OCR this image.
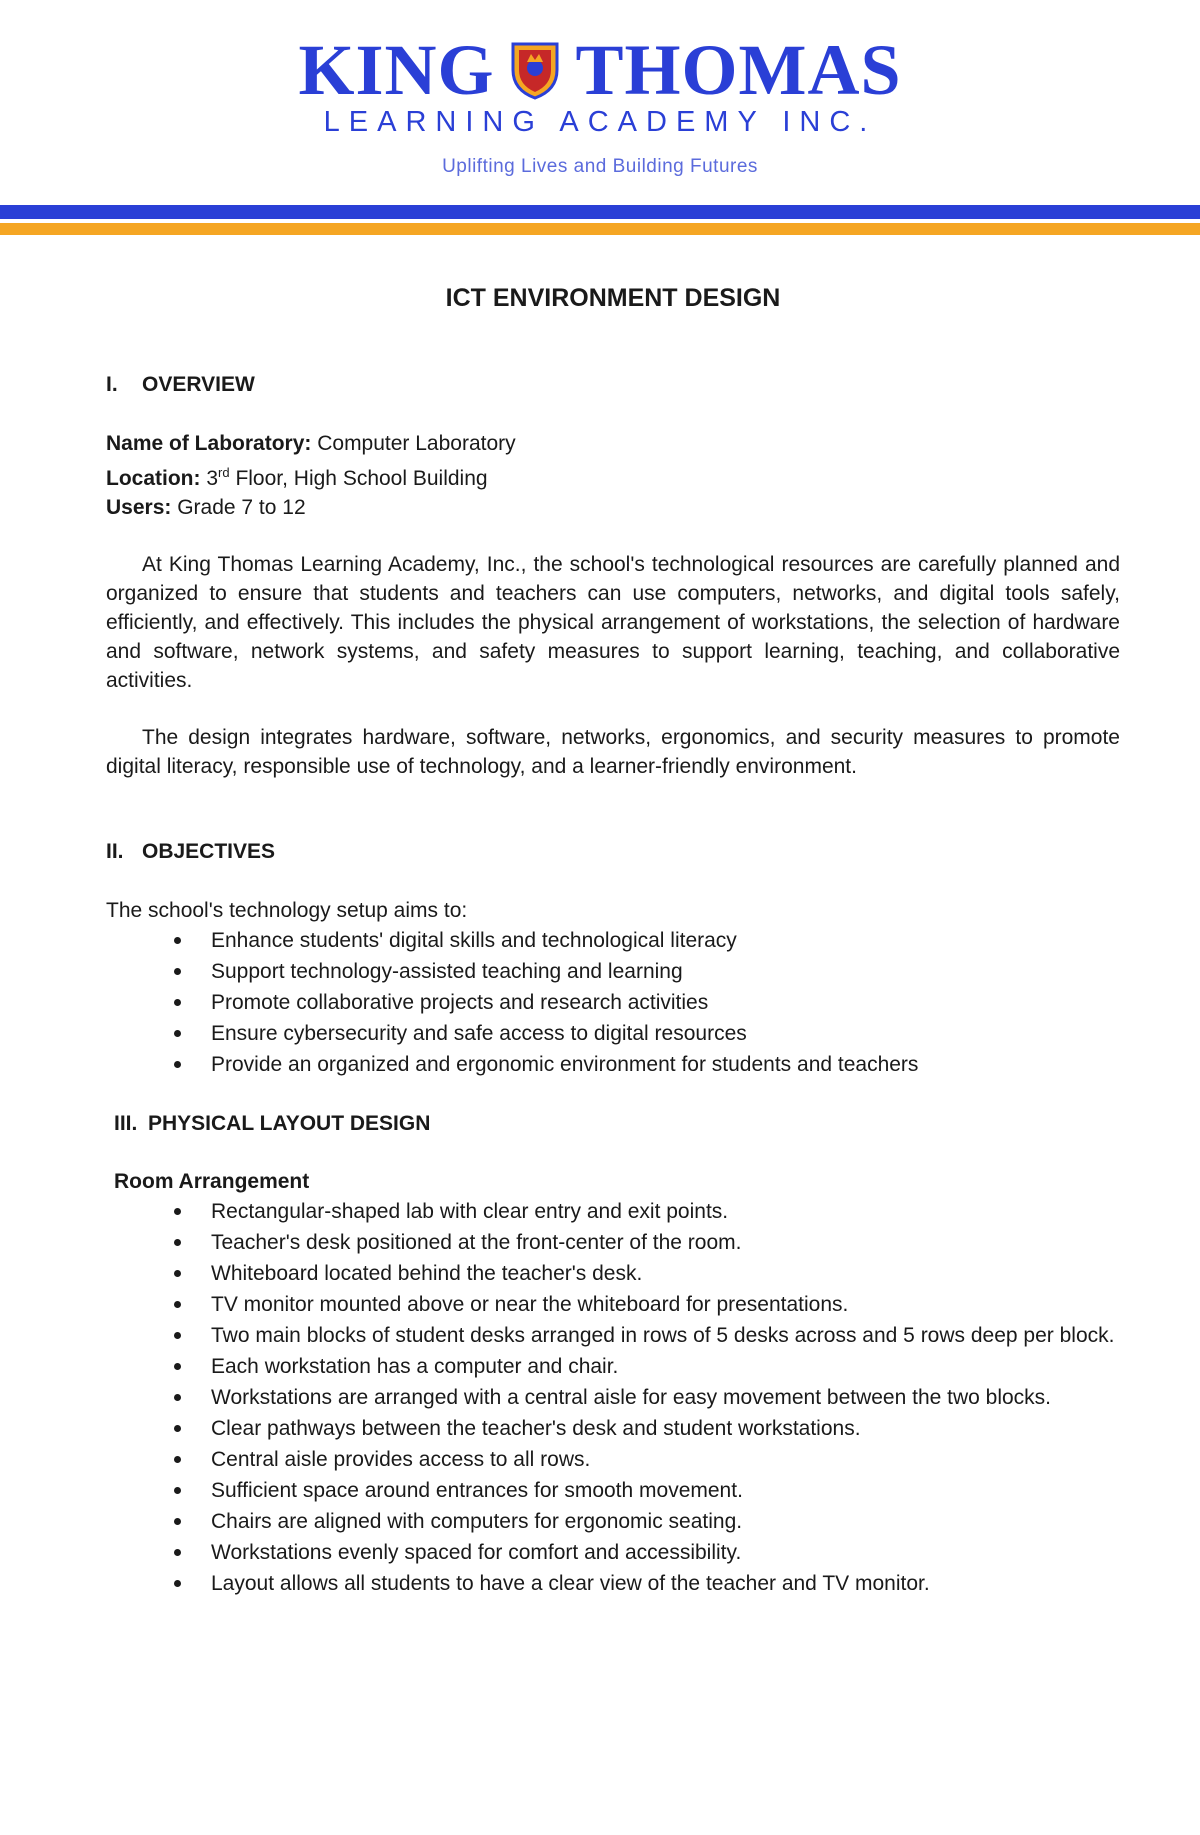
KING THOMAS
LEARNING ACADEMY INC.
Uplifting Lives and Building Futures
ICT ENVIRONMENT DESIGN
I. OVERVIEW

Name of Laboratory: Computer Laboratory

Location: 3rd Floor, High School Building

Users: Grade 7 to 12

At King Thomas Learning Academy, Inc., the school's technological resources are carefully planned and organized to ensure that students and teachers can use computers, networks, and digital tools safely, efficiently, and effectively. This includes the physical arrangement of workstations, the selection of hardware and software, network systems, and safety measures to support learning, teaching, and collaborative activities.

The design integrates hardware, software, networks, ergonomics, and security measures to promote digital literacy, responsible use of technology, and a learner-friendly environment.

II. OBJECTIVES

The school's technology setup aims to:

Enhance students' digital skills and technological literacy
Support technology-assisted teaching and learning
Promote collaborative projects and research activities
Ensure cybersecurity and safe access to digital resources
Provide an organized and ergonomic environment for students and teachers
III. PHYSICAL LAYOUT DESIGN

Room Arrangement

Rectangular-shaped lab with clear entry and exit points.
Teacher's desk positioned at the front-center of the room.
Whiteboard located behind the teacher's desk.
TV monitor mounted above or near the whiteboard for presentations.
Two main blocks of student desks arranged in rows of 5 desks across and 5 rows deep per block.
Each workstation has a computer and chair.
Workstations are arranged with a central aisle for easy movement between the two blocks.
Clear pathways between the teacher's desk and student workstations.
Central aisle provides access to all rows.
Sufficient space around entrances for smooth movement.
Chairs are aligned with computers for ergonomic seating.
Workstations evenly spaced for comfort and accessibility.
Layout allows all students to have a clear view of the teacher and TV monitor.
